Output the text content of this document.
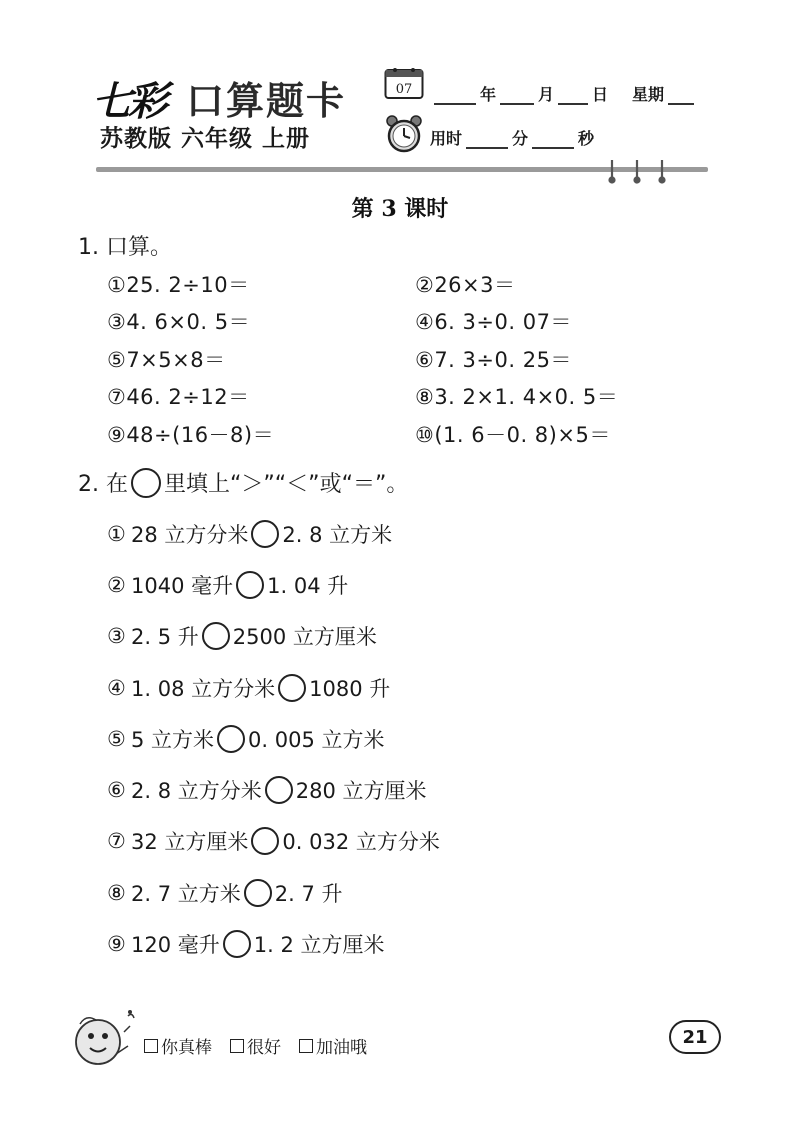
七彩 口算题卡
苏教版 六年级 上册
07	年	月 日 星期
用时	分	秒
第 3 课时
1. 口算。
①25. 2÷10＝	②26×3＝
③4. 6×0. 5＝	④6. 3÷0. 07＝
⑤7×5×8＝	⑥7. 3÷0. 25＝
⑦46. 2÷12＝	⑧3. 2×1. 4×0. 5＝
⑨48÷(16－8)＝	⑩(1. 6－0. 8)×5＝
2. 在 里填上“＞”“＜”或“＝”。
① 28 立方分米 2. 8 立方米
② 1040 毫升 1. 04 升
③ 2. 5 升 2500 立方厘米
④ 1. 08 立方分米 1080 升
⑤ 5 立方米 0. 005 立方米
⑥ 2. 8 立方分米 280 立方厘米
⑦ 32 立方厘米 0. 032 立方分米
⑧ 2. 7 立方米 2. 7 升
⑨ 120 毫升 1. 2 立方厘米
你真棒 很好 加油哦
21
